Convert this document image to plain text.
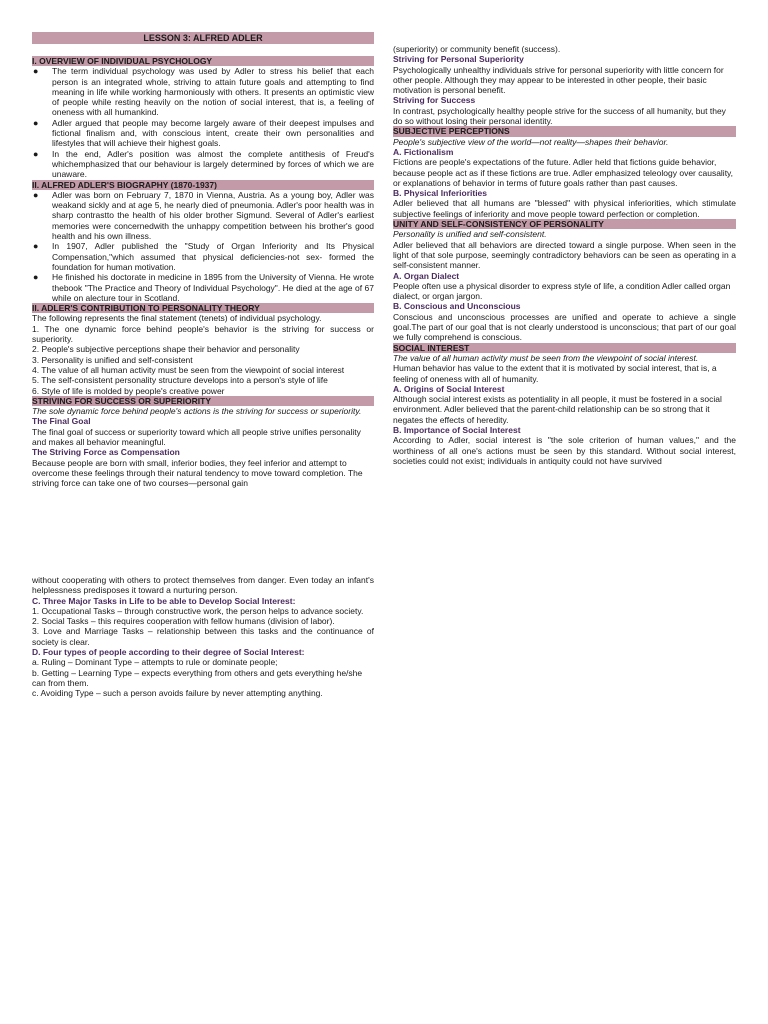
LESSON 3: ALFRED ADLER
I. OVERVIEW OF INDIVIDUAL PSYCHOLOGY
● The term individual psychology was used by Adler to stress his belief that each person is an integrated whole, striving to attain future goals and attempting to find meaning in life while working harmoniously with others. It presents an optimistic view of people while resting heavily on the notion of social interest, that is, a feeling of oneness with all humankind.
● Adler argued that people may become largely aware of their deepest impulses and fictional finalism and, with conscious intent, create their own personalities and lifestyles that will achieve their highest goals.
● In the end, Adler's position was almost the complete antithesis of Freud's whichemphasized that our behaviour is largely determined by forces of which we are unaware.
II. ALFRED ADLER'S BIOGRAPHY (1870-1937)
● Adler was born on February 7, 1870 in Vienna, Austria. As a young boy, Adler was weakand sickly and at age 5, he nearly died of pneumonia. Adler's poor health was in sharp contrastto the health of his older brother Sigmund. Several of Adler's earliest memories were concernedwith the unhappy competition between his brother's good health and his own illness.
● In 1907, Adler published the "Study of Organ Inferiority and Its Physical Compensation,"which assumed that physical deficiencies-not sex- formed the foundation for human motivation.
● He finished his doctorate in medicine in 1895 from the University of Vienna. He wrote thebook "The Practice and Theory of Individual Psychology". He died at the age of 67 while on alecture tour in Scotland.
II. ADLER'S CONTRIBUTION TO PERSONALITY THEORY

The following represents the final statement (tenets) of individual psychology.

1. The one dynamic force behind people's behavior is the striving for success or superiority.

2. People's subjective perceptions shape their behavior and personality

3. Personality is unified and self-consistent

4. The value of all human activity must be seen from the viewpoint of social interest

5. The self-consistent personality structure develops into a person's style of life

6. Style of life is molded by people's creative power

STRIVING FOR SUCCESS OR SUPERIORITY

The sole dynamic force behind people's actions is the striving for success or superiority.

The Final Goal

The final goal of success or superiority toward which all people strive unifies personality and makes all behavior meaningful.

The Striving Force as Compensation

Because people are born with small, inferior bodies, they feel inferior and attempt to overcome these feelings through their natural tendency to move toward completion. The striving force can take one of two courses—personal gain

(superiority) or community benefit (success).

Striving for Personal Superiority

Psychologically unhealthy individuals strive for personal superiority with little concern for other people. Although they may appear to be interested in other people, their basic motivation is personal benefit.

Striving for Success

In contrast, psychologically healthy people strive for the success of all humanity, but they do so without losing their personal identity.

SUBJECTIVE PERCEPTIONS

People's subjective view of the world—not reality—shapes their behavior.

A. Fictionalism

Fictions are people's expectations of the future. Adler held that fictions guide behavior, because people act as if these fictions are true. Adler emphasized teleology over causality, or explanations of behavior in terms of future goals rather than past causes.

B. Physical Inferiorities

Adler believed that all humans are "blessed" with physical inferiorities, which stimulate subjective feelings of inferiority and move people toward perfection or completion.

UNITY AND SELF-CONSISTENCY OF PERSONALITY

Personality is unified and self-consistent.

Adler believed that all behaviors are directed toward a single purpose. When seen in the light of that sole purpose, seemingly contradictory behaviors can be seen as operating in a self-consistent manner.

A. Organ Dialect

People often use a physical disorder to express style of life, a condition Adler called organ dialect, or organ jargon.

B. Conscious and Unconscious

Conscious and unconscious processes are unified and operate to achieve a single goal.The part of our goal that is not clearly understood is unconscious; that part of our goal we fully comprehend is conscious.

SOCIAL INTEREST

The value of all human activity must be seen from the viewpoint of social interest.

Human behavior has value to the extent that it is motivated by social interest, that is, a feeling of oneness with all of humanity.

A. Origins of Social Interest

Although social interest exists as potentiality in all people, it must be fostered in a social environment. Adler believed that the parent-child relationship can be so strong that it negates the effects of heredity.

B. Importance of Social Interest

According to Adler, social interest is "the sole criterion of human values," and the worthiness of all one's actions must be seen by this standard. Without social interest, societies could not exist; individuals in antiquity could not have survived

without cooperating with others to protect themselves from danger. Even today an infant's helplessness predisposes it toward a nurturing person.

C. Three Major Tasks in Life to be able to Develop Social Interest:

1. Occupational Tasks – through constructive work, the person helps to advance society.

2. Social Tasks – this requires cooperation with fellow humans (division of labor).

3. Love and Marriage Tasks – relationship between this tasks and the continuance of society is clear.

D. Four types of people according to their degree of Social Interest:

a. Ruling – Dominant Type – attempts to rule or dominate people;

b. Getting – Learning Type – expects everything from others and gets everything he/she can from them.

c. Avoiding Type – such a person avoids failure by never attempting anything.
